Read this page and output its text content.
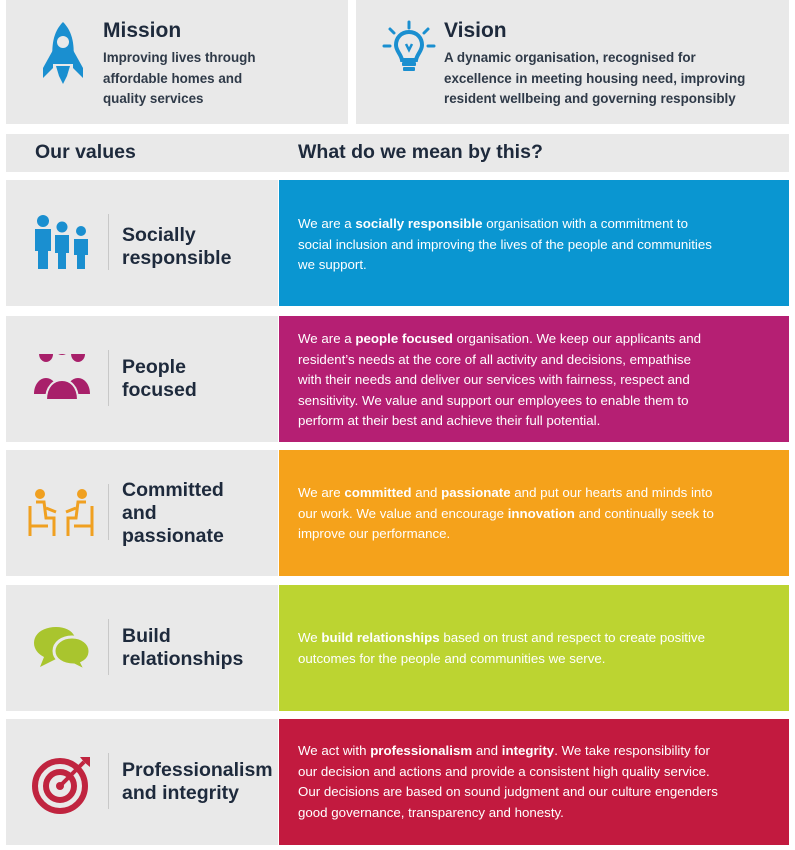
Mission

Improving lives through
affordable homes and
quality services

Vision

A dynamic organisation, recognised for
excellence in meeting housing need, improving
resident wellbeing and governing responsibly

Our values	What do we mean by this?
Socially
responsible

We are a socially responsible organisation with a commitment to
social inclusion and improving the lives of the people and communities
we support.

People
focused

We are a people focused organisation. We keep our applicants and
resident’s needs at the core of all activity and decisions, empathise
with their needs and deliver our services with fairness, respect and
sensitivity. We value and support our employees to enable them to
perform at their best and achieve their full potential.

Committed
and
passionate

We are committed and passionate and put our hearts and minds into
our work. We value and encourage innovation and continually seek to
improve our performance.

Build
relationships

We build relationships based on trust and respect to create positive
outcomes for the people and communities we serve.

Professionalism
and integrity

We act with professionalism and integrity. We take responsibility for
our decision and actions and provide a consistent high quality service.
Our decisions are based on sound judgment and our culture engenders
good governance, transparency and honesty.
